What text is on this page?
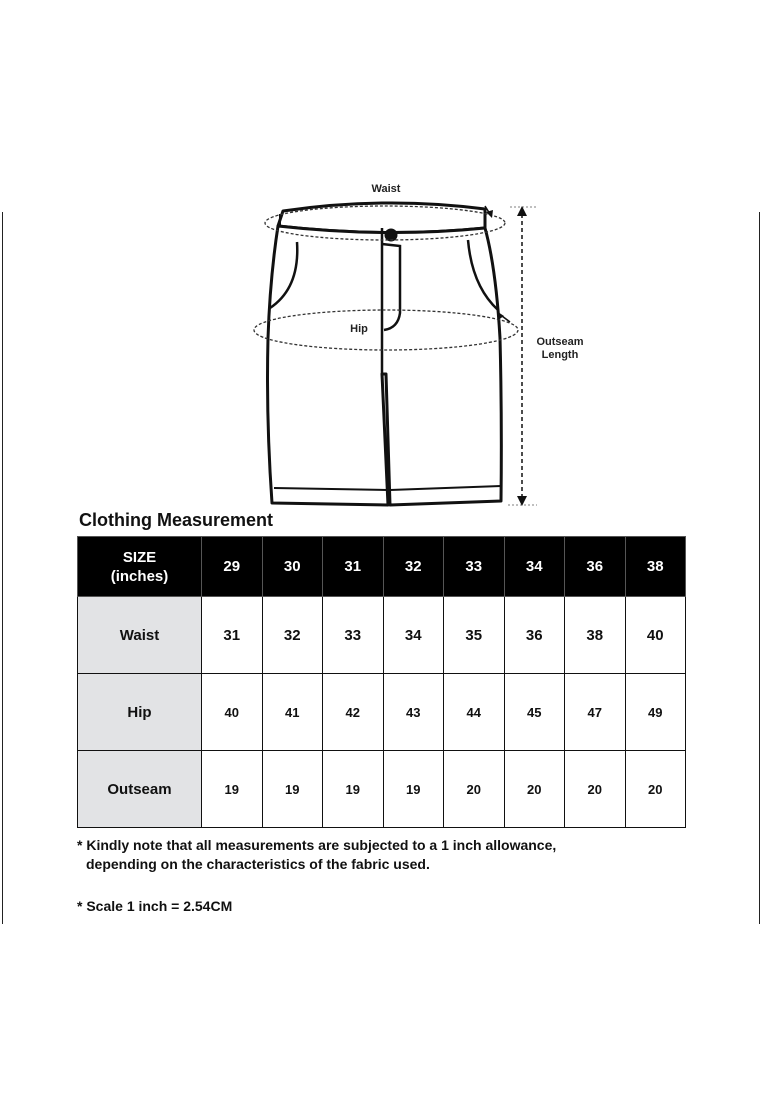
Waist
Hip
Outseam
Length
Clothing Measurement
SIZE
(inches)	29	30	31	32	33	34	36	38
Waist	31	32	33	34	35	36	38	40
Hip	40	41	42	43	44	45	47	49
Outseam	19	19	19	19	20	20	20	20
* Kindly note that all measurements are subjected to a 1 inch allowance,
depending on the characteristics of the fabric used.
* Scale 1 inch = 2.54CM
